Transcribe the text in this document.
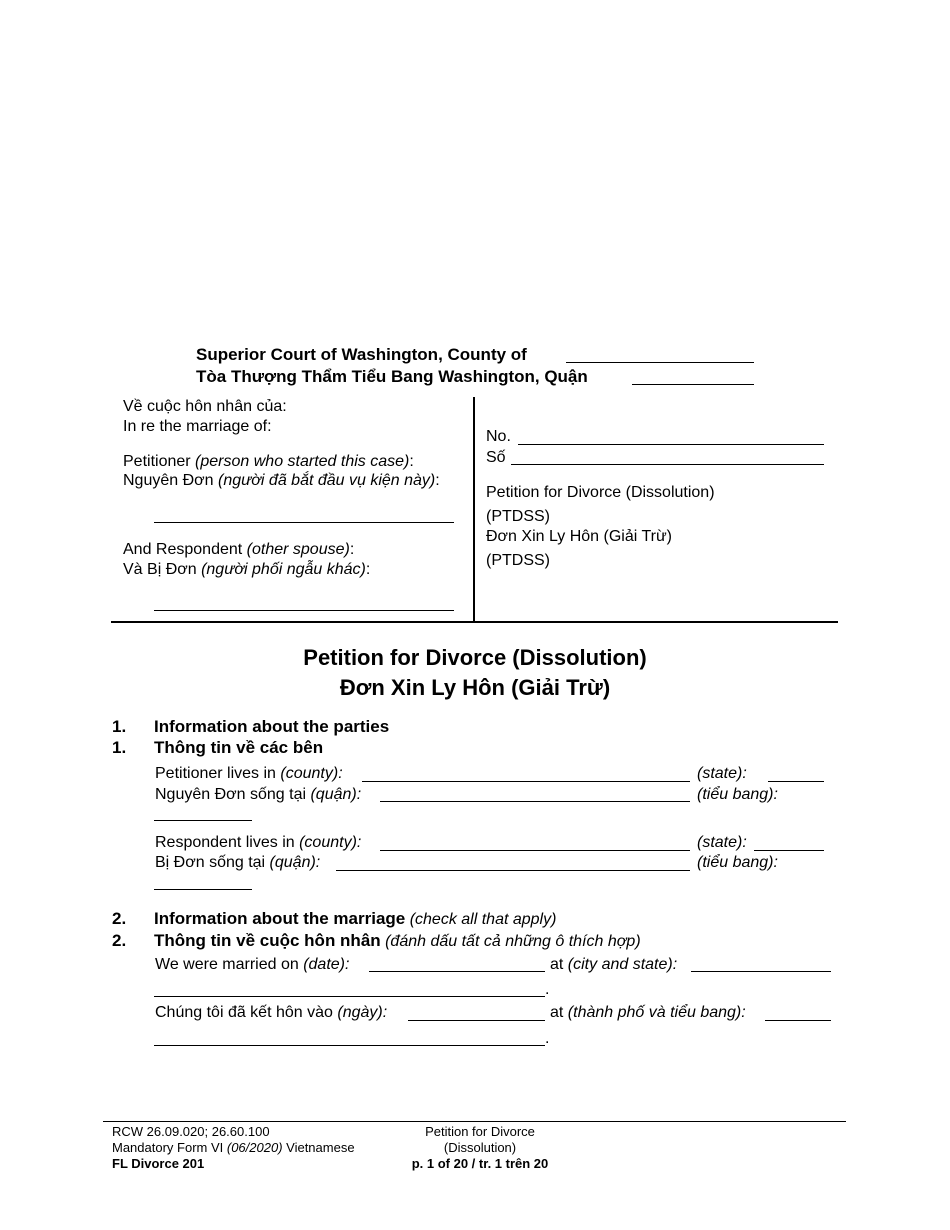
Superior Court of Washington, County of
Tòa Thượng Thẩm Tiểu Bang Washington, Quận
Về cuộc hôn nhân của:
In re the marriage of:
Petitioner (person who started this case):
Nguyên Đơn (người đã bắt đầu vụ kiện này):
And Respondent (other spouse):
Và Bị Đơn (người phối ngẫu khác):
No.
Số
Petition for Divorce (Dissolution)
(PTDSS)
Đơn Xin Ly Hôn (Giải Trừ)
(PTDSS)
Petition for Divorce (Dissolution)
Đơn Xin Ly Hôn (Giải Trừ)
1. Information about the parties
1. Thông tin về các bên
Petitioner lives in (county):	(state):
Nguyên Đơn sống tại (quận):	(tiểu bang):
Respondent lives in (county):	(state):
Bị Đơn sống tại (quận):	(tiểu bang):
2. Information about the marriage (check all that apply)
2. Thông tin về cuộc hôn nhân (đánh dấu tất cả những ô thích hợp)
We were married on (date):	at (city and state):
.
Chúng tôi đã kết hôn vào (ngày):	at (thành phố và tiểu bang):
.
RCW 26.09.020; 26.60.100
Mandatory Form VI (06/2020) Vietnamese
FL Divorce 201
Petition for Divorce
(Dissolution)
p. 1 of 20 / tr. 1 trên 20
